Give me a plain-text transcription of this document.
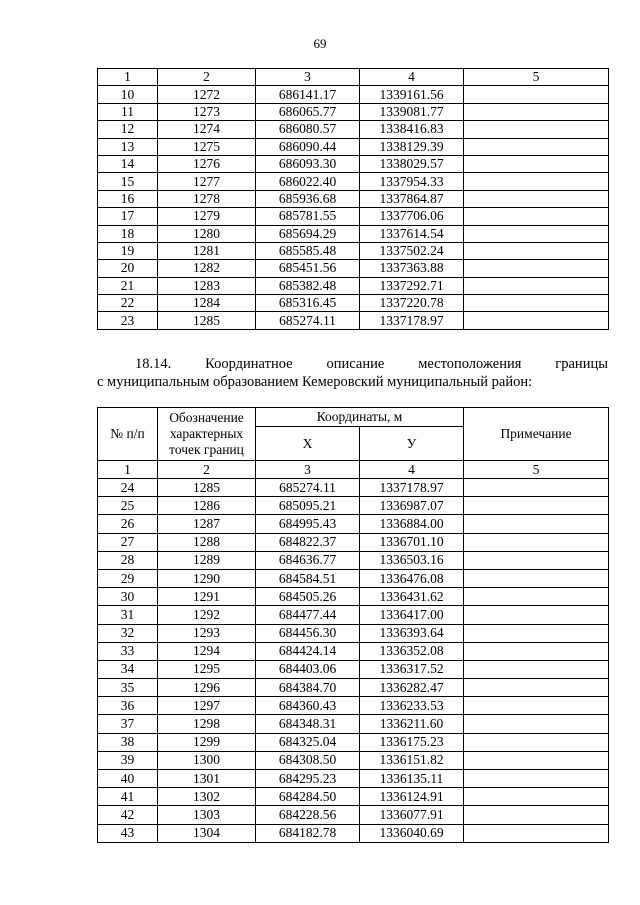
69
1	2	3	4	5
10	1272	686141.17	1339161.56	
11	1273	686065.77	1339081.77	
12	1274	686080.57	1338416.83	
13	1275	686090.44	1338129.39	
14	1276	686093.30	1338029.57	
15	1277	686022.40	1337954.33	
16	1278	685936.68	1337864.87	
17	1279	685781.55	1337706.06	
18	1280	685694.29	1337614.54	
19	1281	685585.48	1337502.24	
20	1282	685451.56	1337363.88	
21	1283	685382.48	1337292.71	
22	1284	685316.45	1337220.78	
23	1285	685274.11	1337178.97	
18.14. Координатное описание местоположения границы
с муниципальным образованием Кемеровский муниципальный район:
№ п/п	Обозначение характерных точек границ	Координаты, м		Примечание
		X	У	
1	2	3	4	5
24	1285	685274.11	1337178.97	
25	1286	685095.21	1336987.07	
26	1287	684995.43	1336884.00	
27	1288	684822.37	1336701.10	
28	1289	684636.77	1336503.16	
29	1290	684584.51	1336476.08	
30	1291	684505.26	1336431.62	
31	1292	684477.44	1336417.00	
32	1293	684456.30	1336393.64	
33	1294	684424.14	1336352.08	
34	1295	684403.06	1336317.52	
35	1296	684384.70	1336282.47	
36	1297	684360.43	1336233.53	
37	1298	684348.31	1336211.60	
38	1299	684325.04	1336175.23	
39	1300	684308.50	1336151.82	
40	1301	684295.23	1336135.11	
41	1302	684284.50	1336124.91	
42	1303	684228.56	1336077.91	
43	1304	684182.78	1336040.69	
